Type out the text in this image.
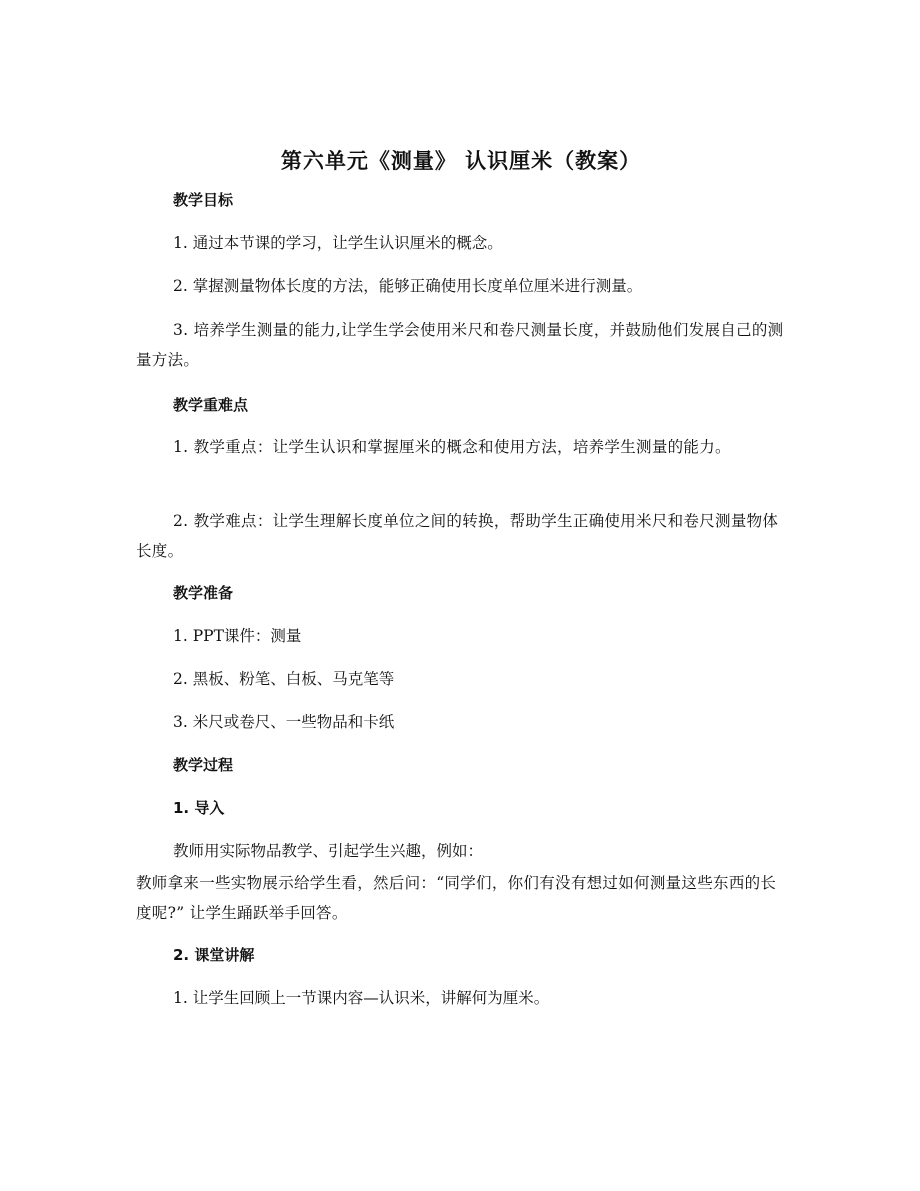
第六单元《测量》 认识厘米（教案）
教学目标
1. 通过本节课的学习，让学生认识厘米的概念。
2. 掌握测量物体长度的方法，能够正确使用长度单位厘米进行测量。
3. 培养学生测量的能力,让学生学会使用米尺和卷尺测量长度，并鼓励他们发展自己的测量方法。
教学重难点
1. 教学重点：让学生认识和掌握厘米的概念和使用方法，培养学生测量的能力。
2. 教学难点：让学生理解长度单位之间的转换，帮助学生正确使用米尺和卷尺测量物体长度。
教学准备
1. PPT课件：测量
2. 黑板、粉笔、白板、马克笔等
3. 米尺或卷尺、一些物品和卡纸
教学过程
1. 导入
教师用实际物品教学、引起学生兴趣，例如：
教师拿来一些实物展示给学生看，然后问：“同学们，你们有没有想过如何测量这些东西的长度呢?” 让学生踊跃举手回答。
2. 课堂讲解
1. 让学生回顾上一节课内容—认识米，讲解何为厘米。
